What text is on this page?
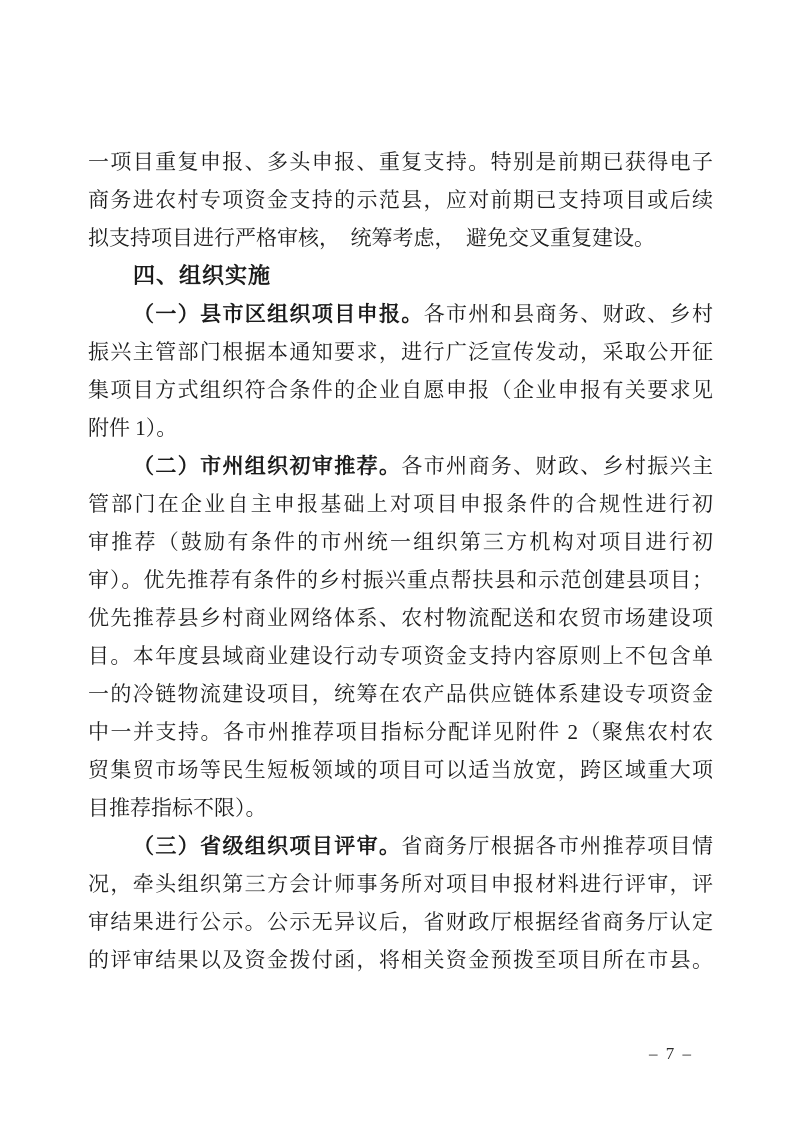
一项目重复申报、多头申报、重复支持。特别是前期已获得电子
商务进农村专项资金支持的示范县，应对前期已支持项目或后续
拟支持项目进行严格审核，　统筹考虑，　避免交叉重复建设。
四、组织实施
（一）县市区组织项目申报。各市州和县商务、财政、乡村
振兴主管部门根据本通知要求，进行广泛宣传发动，采取公开征
集项目方式组织符合条件的企业自愿申报（企业申报有关要求见
附件 1）。
（二）市州组织初审推荐。各市州商务、财政、乡村振兴主
管部门在企业自主申报基础上对项目申报条件的合规性进行初
审推荐（鼓励有条件的市州统一组织第三方机构对项目进行初
审）。优先推荐有条件的乡村振兴重点帮扶县和示范创建县项目；
优先推荐县乡村商业网络体系、农村物流配送和农贸市场建设项
目。本年度县域商业建设行动专项资金支持内容原则上不包含单
一的冷链物流建设项目，统筹在农产品供应链体系建设专项资金
中一并支持。各市州推荐项目指标分配详见附件 2（聚焦农村农
贸集贸市场等民生短板领域的项目可以适当放宽，跨区域重大项
目推荐指标不限）。
（三）省级组织项目评审。省商务厅根据各市州推荐项目情
况，牵头组织第三方会计师事务所对项目申报材料进行评审，评
审结果进行公示。公示无异议后，省财政厅根据经省商务厅认定
的评审结果以及资金拨付函，将相关资金预拨至项目所在市县。
– 7 –
